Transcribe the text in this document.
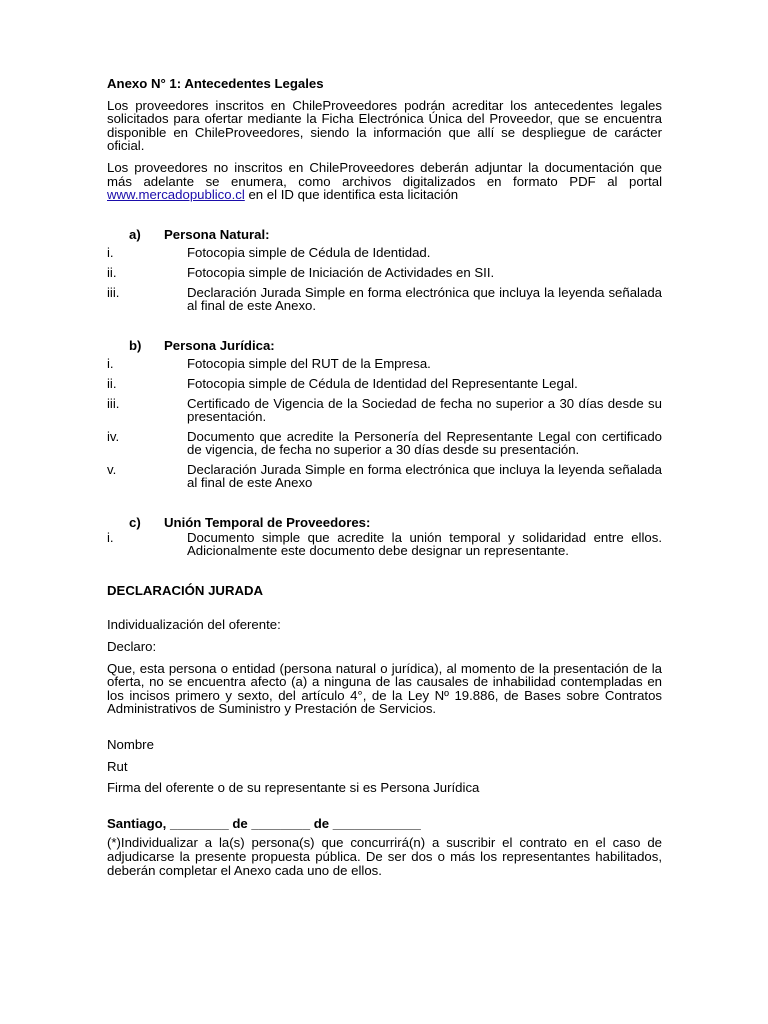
Anexo N° 1: Antecedentes Legales

Los proveedores inscritos en ChileProveedores podrán acreditar los antecedentes legales solicitados para ofertar mediante la Ficha Electrónica Única del Proveedor, que se encuentra disponible en ChileProveedores, siendo la información que allí se despliegue de carácter oficial.

Los proveedores no inscritos en ChileProveedores deberán adjuntar la documentación que más adelante se enumera, como archivos digitalizados en formato PDF al portal www.mercadopublico.cl en el ID que identifica esta licitación

a)	Persona Natural:
i.	Fotocopia simple de Cédula de Identidad.
ii.	Fotocopia simple de Iniciación de Actividades en SII.
iii.	Declaración Jurada Simple en forma electrónica que incluya la leyenda señalada al final de este Anexo.
b)	Persona Jurídica:
i.	Fotocopia simple del RUT de la Empresa.
ii.	Fotocopia simple de Cédula de Identidad del Representante Legal.
iii.	Certificado de Vigencia de la Sociedad de fecha no superior a 30 días desde su presentación.
iv.	Documento que acredite la Personería del Representante Legal con certificado de vigencia, de fecha no superior a 30 días desde su presentación.
v.	Declaración Jurada Simple en forma electrónica que incluya la leyenda señalada al final de este Anexo
c)	Unión Temporal de Proveedores:
i.	Documento simple que acredite la unión temporal y solidaridad entre ellos. Adicionalmente este documento debe designar un representante.

DECLARACIÓN JURADA

Individualización del oferente:

Declaro:

Que, esta persona o entidad (persona natural o jurídica), al momento de la presentación de la oferta, no se encuentra afecto (a) a ninguna de las causales de inhabilidad contempladas en los incisos primero y sexto, del artículo 4°, de la Ley Nº 19.886, de Bases sobre Contratos Administrativos de Suministro y Prestación de Servicios.

Nombre

Rut

Firma del oferente o de su representante si es Persona Jurídica

Santiago, ________ de ________ de ____________

(*)Individualizar a la(s) persona(s) que concurrirá(n) a suscribir el contrato en el caso de adjudicarse la presente propuesta pública. De ser dos o más los representantes habilitados, deberán completar el Anexo cada uno de ellos.
